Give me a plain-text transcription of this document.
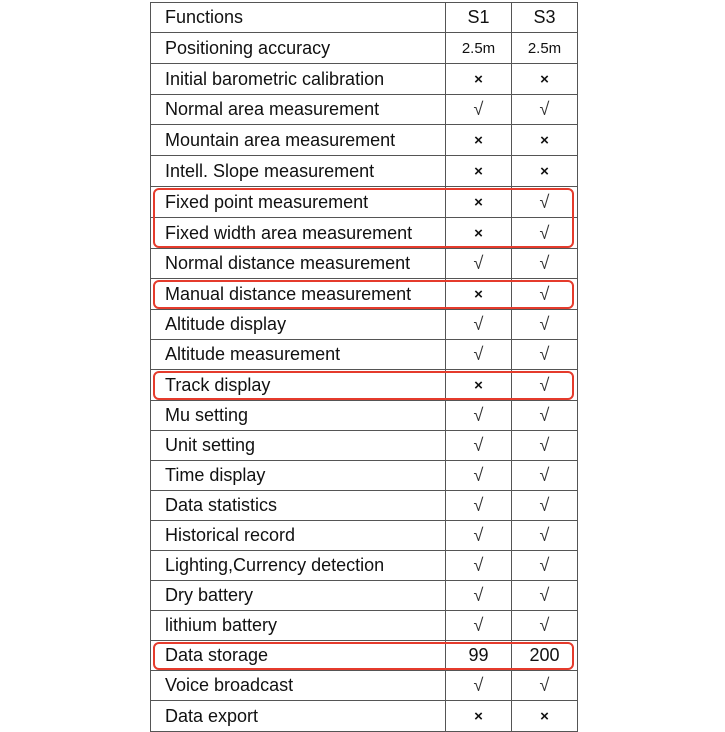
Functions	S1	S3
Positioning accuracy	2.5m	2.5m
Initial barometric calibration	×	×
Normal area measurement	√	√
Mountain area measurement	×	×
Intell. Slope measurement	×	×
Fixed point measurement	×	√
Fixed width area measurement	×	√
Normal distance measurement	√	√
Manual distance measurement	×	√
Altitude display	√	√
Altitude measurement	√	√
Track display	×	√
Mu setting	√	√
Unit setting	√	√
Time display	√	√
Data statistics	√	√
Historical record	√	√
Lighting,Currency detection	√	√
Dry battery	√	√
lithium battery	√	√
Data storage	99	200
Voice broadcast	√	√
Data export	×	×
